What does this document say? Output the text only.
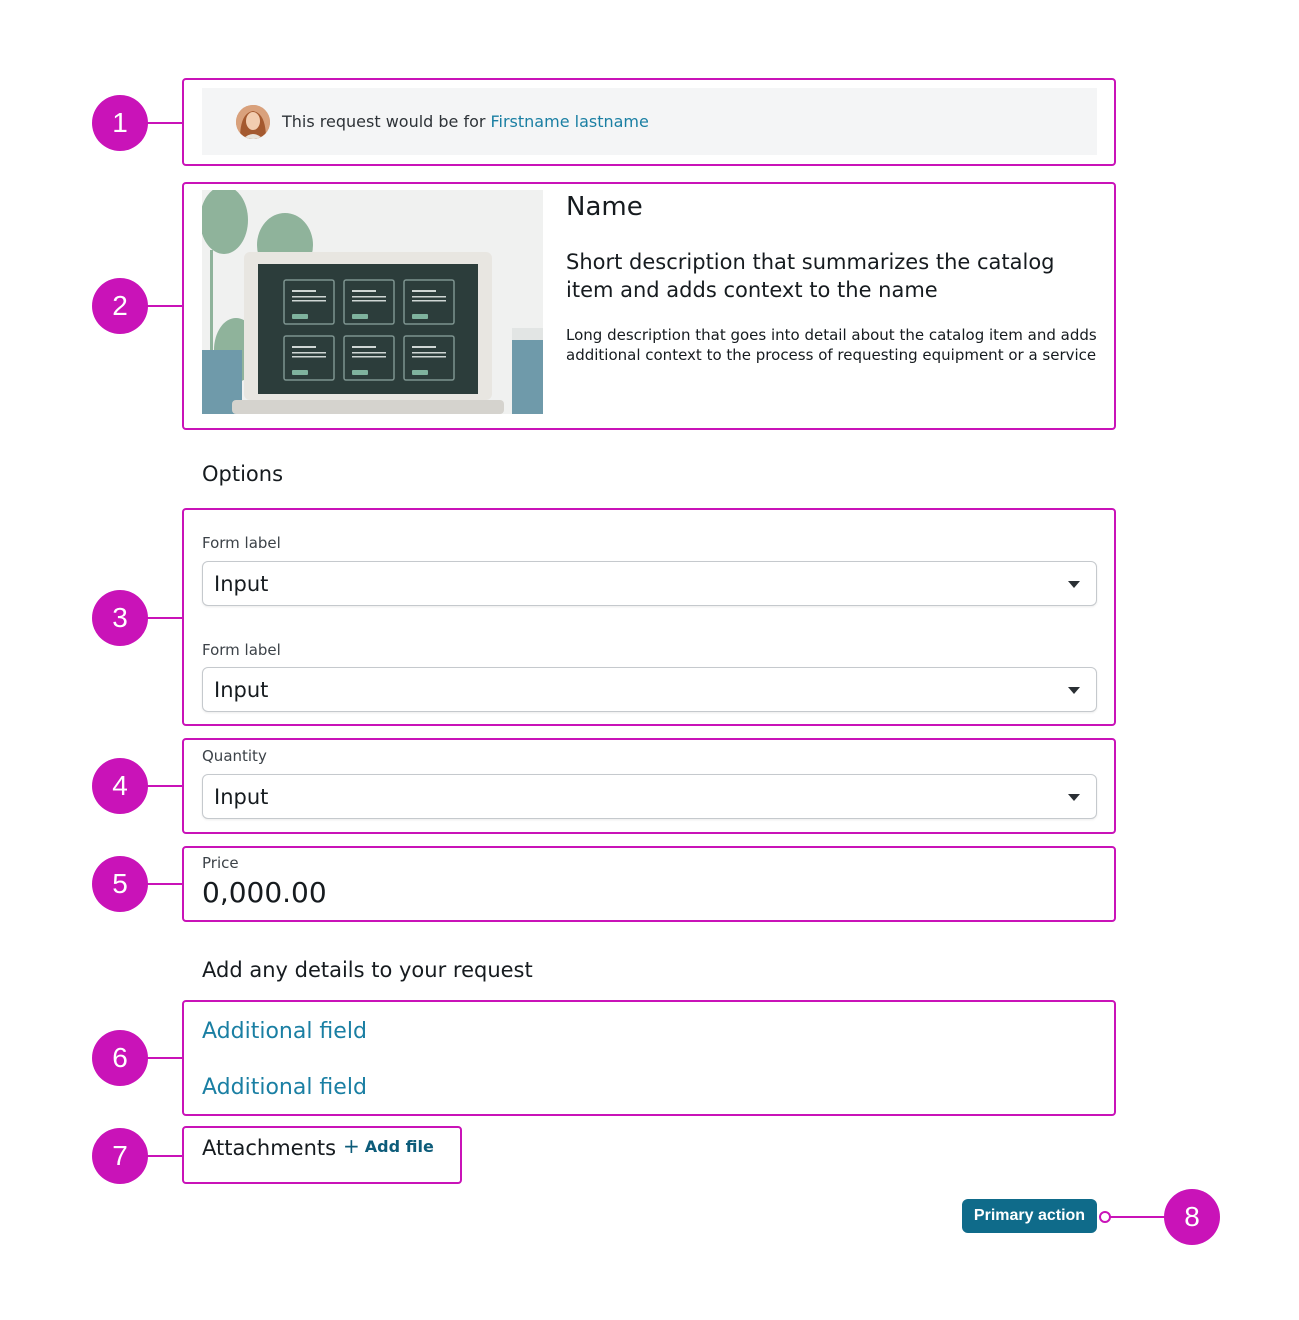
1
2
3
4
5
6
7
8
This request would be for Firstname lastname
Name
Short description that summarizes the catalog item and adds context to the name
Long description that goes into detail about the catalog item and adds additional context to the process of requesting equipment or a service
Options
Form label
Input
Form label
Input
Quantity
Input
Price
0,000.00
Add any details to your request
Additional field
Additional field
Attachments + Add file
Primary action
